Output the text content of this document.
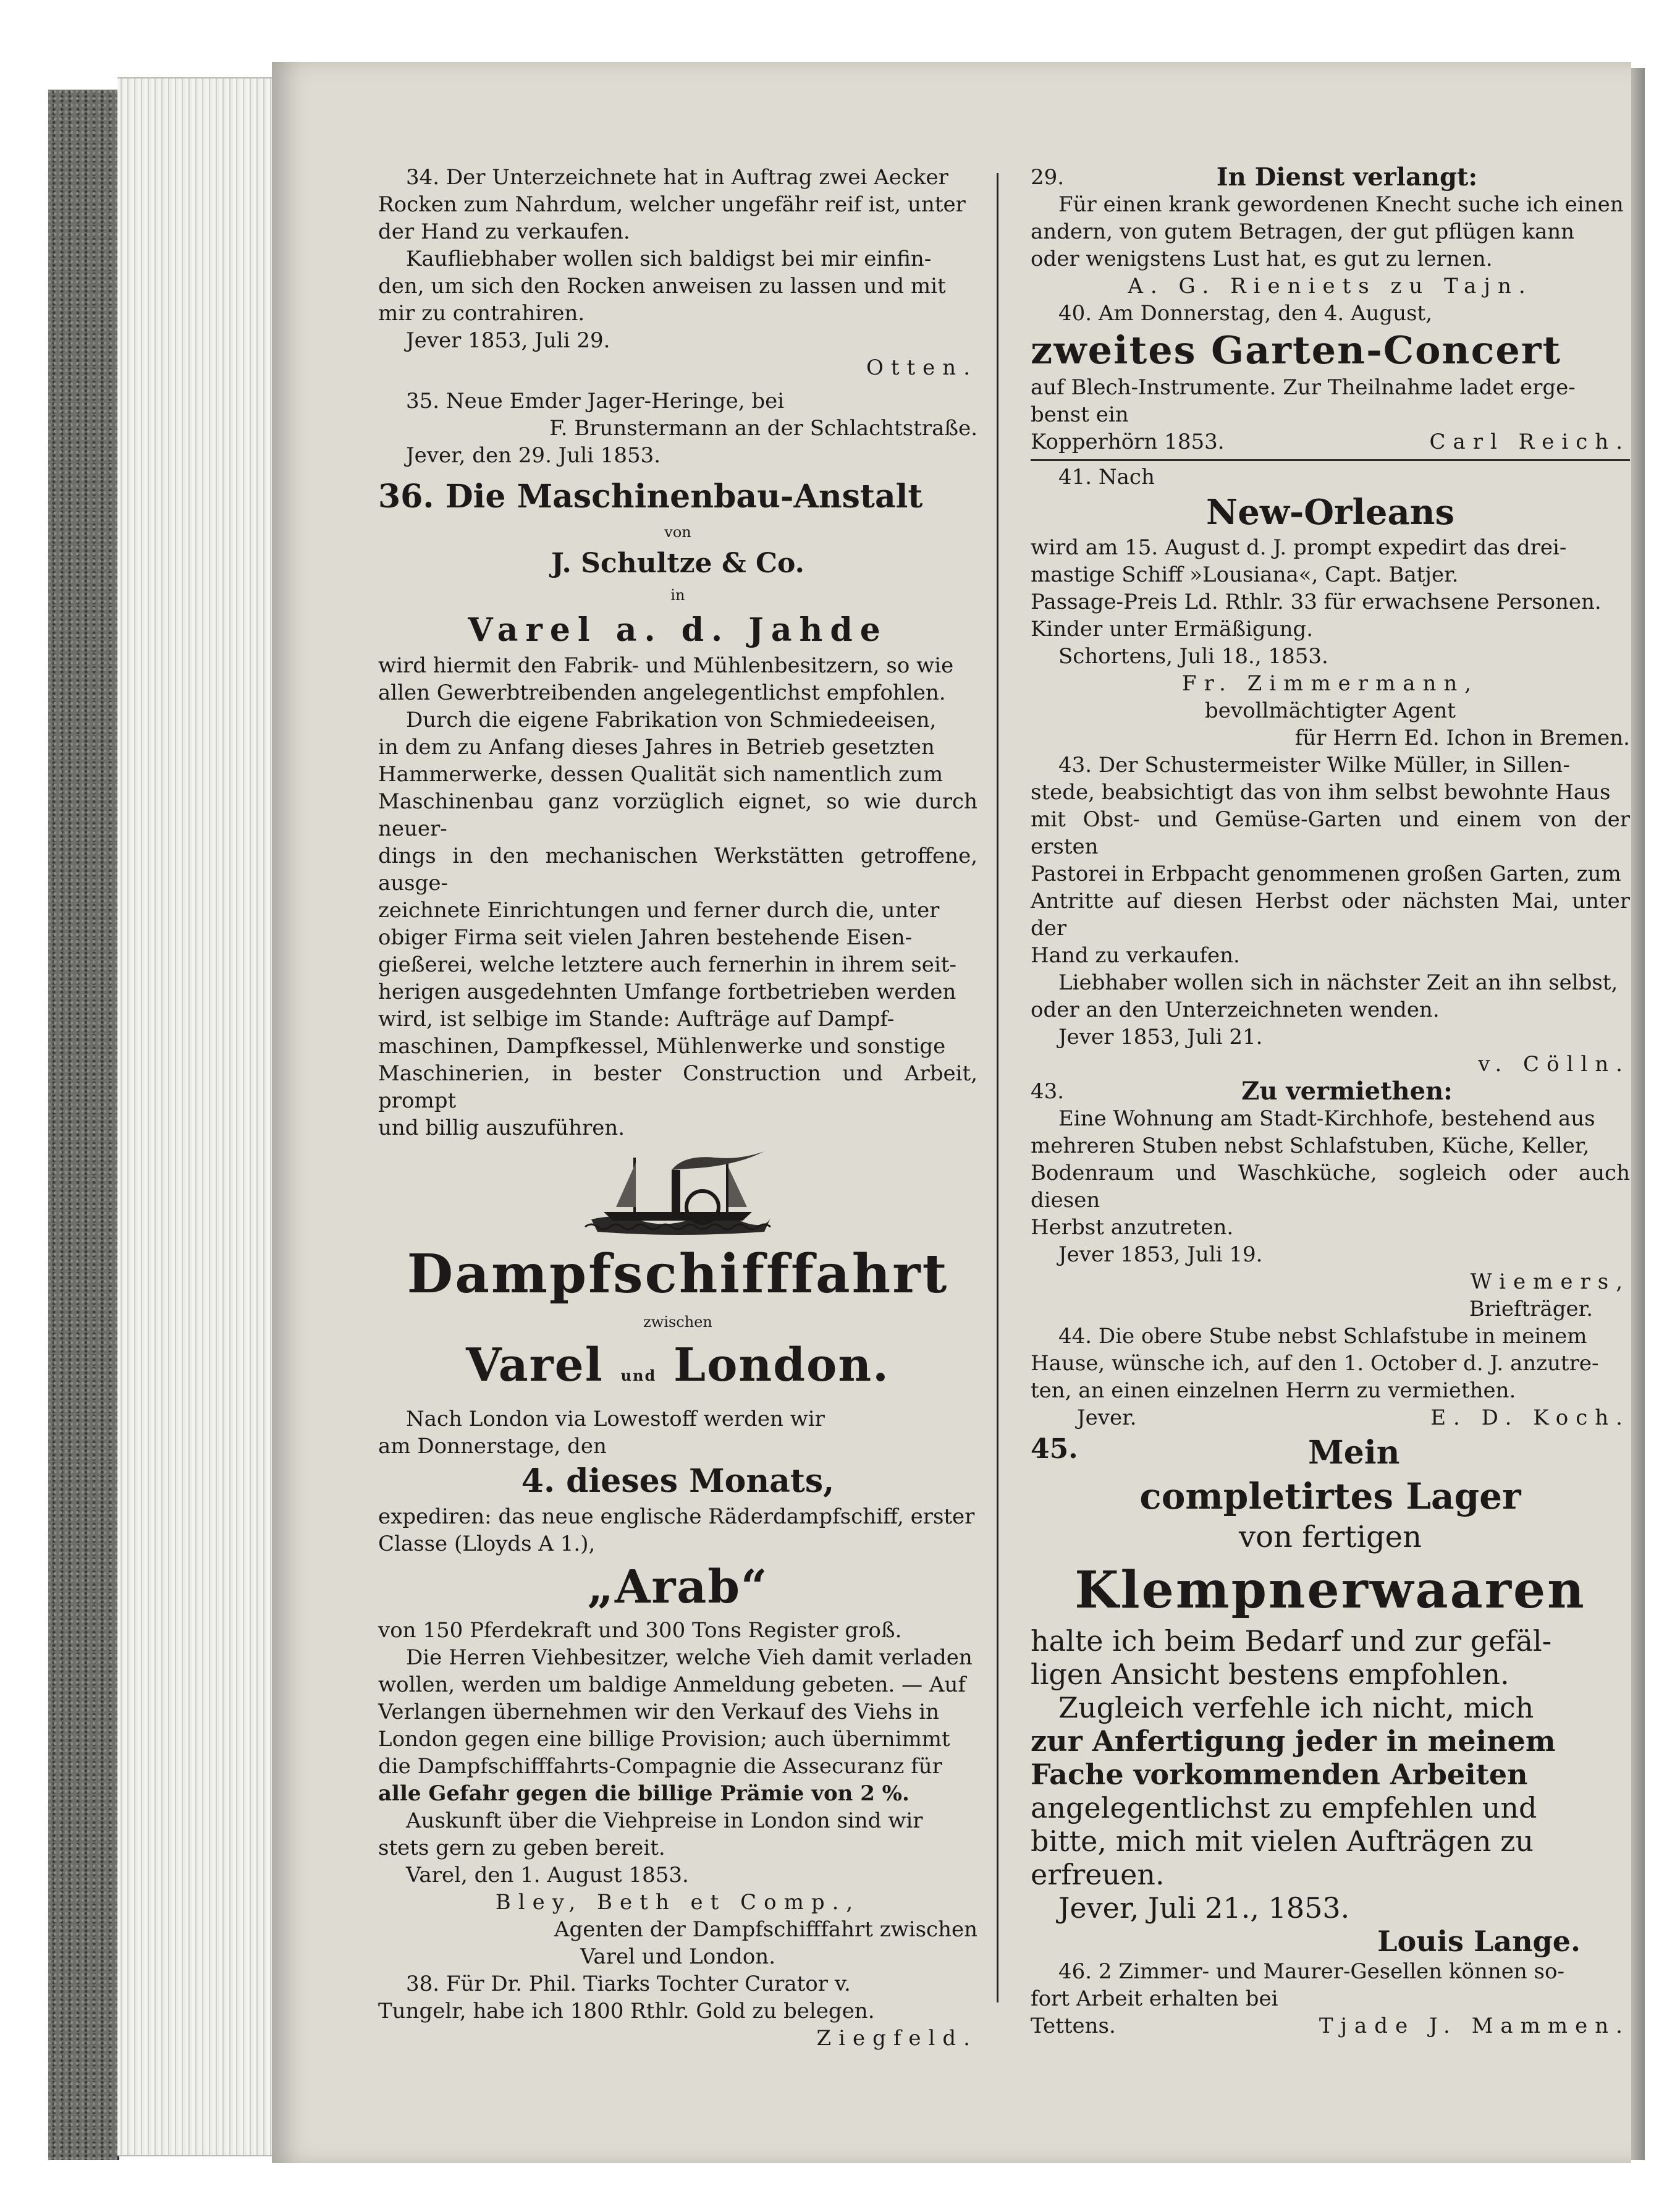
34. Der Unterzeichnete hat in Auftrag zwei Aecker

Rocken zum Nahrdum, welcher ungefähr reif ist, unter

der Hand zu verkaufen.

Kaufliebhaber wollen sich baldigst bei mir einfin-

den, um sich den Rocken anweisen zu lassen und mit

mir zu contrahiren.

Jever 1853, Juli 29.

Otten.

35. Neue Emder Jager-Heringe, bei

F. Brunstermann an der Schlachtstraße.

Jever, den 29. Juli 1853.

36. Die Maschinenbau-Anstalt

von

J. Schultze & Co.

in

Varel a. d. Jahde

wird hiermit den Fabrik- und Mühlenbesitzern, so wie

allen Gewerbtreibenden angelegentlichst empfohlen.

Durch die eigene Fabrikation von Schmiedeeisen,

in dem zu Anfang dieses Jahres in Betrieb gesetzten

Hammerwerke, dessen Qualität sich namentlich zum

Maschinenbau ganz vorzüglich eignet, so wie durch neuer-

dings in den mechanischen Werkstätten getroffene, ausge-

zeichnete Einrichtungen und ferner durch die, unter

obiger Firma seit vielen Jahren bestehende Eisen-

gießerei, welche letztere auch fernerhin in ihrem seit-

herigen ausgedehnten Umfange fortbetrieben werden

wird, ist selbige im Stande: Aufträge auf Dampf-

maschinen, Dampfkessel, Mühlenwerke und sonstige

Maschinerien, in bester Construction und Arbeit, prompt

und billig auszuführen.

Dampfschifffahrt

zwischen

Varel und London.

Nach London via Lowestoff werden wir

am Donnerstage, den

4. dieses Monats,

expediren: das neue englische Räderdampfschiff, erster

Classe (Lloyds A 1.),

„Arab“

von 150 Pferdekraft und 300 Tons Register groß.

Die Herren Viehbesitzer, welche Vieh damit verladen

wollen, werden um baldige Anmeldung gebeten. — Auf

Verlangen übernehmen wir den Verkauf des Viehs in

London gegen eine billige Provision; auch übernimmt

die Dampfschifffahrts-Compagnie die Assecuranz für

alle Gefahr gegen die billige Prämie von 2 %.

Auskunft über die Viehpreise in London sind wir

stets gern zu geben bereit.

Varel, den 1. August 1853.

Bley, Beth et Comp.,

Agenten der Dampfschifffahrt zwischen

Varel und London.

38. Für Dr. Phil. Tiarks Tochter Curator v.

Tungelr, habe ich 1800 Rthlr. Gold zu belegen.

Ziegfeld.

29.	In Dienst verlangt:

Für einen krank gewordenen Knecht suche ich einen

andern, von gutem Betragen, der gut pflügen kann

oder wenigstens Lust hat, es gut zu lernen.

A. G. Rieniets zu Tajn.

40. Am Donnerstag, den 4. August,

zweites Garten-Concert

auf Blech-Instrumente. Zur Theilnahme ladet erge-

benst ein

Kopperhörn 1853.	Carl Reich.

41. Nach

New-Orleans

wird am 15. August d. J. prompt expedirt das drei-

mastige Schiff »Lousiana«, Capt. Batjer.

Passage-Preis Ld. Rthlr. 33 für erwachsene Personen.

Kinder unter Ermäßigung.

Schortens, Juli 18., 1853.

Fr. Zimmermann,

bevollmächtigter Agent

für Herrn Ed. Ichon in Bremen.

43. Der Schustermeister Wilke Müller, in Sillen-

stede, beabsichtigt das von ihm selbst bewohnte Haus

mit Obst- und Gemüse-Garten und einem von der ersten

Pastorei in Erbpacht genommenen großen Garten, zum

Antritte auf diesen Herbst oder nächsten Mai, unter der

Hand zu verkaufen.

Liebhaber wollen sich in nächster Zeit an ihn selbst,

oder an den Unterzeichneten wenden.

Jever 1853, Juli 21.

v. Cölln.

43.	Zu vermiethen:

Eine Wohnung am Stadt-Kirchhofe, bestehend aus

mehreren Stuben nebst Schlafstuben, Küche, Keller,

Bodenraum und Waschküche, sogleich oder auch diesen

Herbst anzutreten.

Jever 1853, Juli 19.

Wiemers,

Briefträger.

44. Die obere Stube nebst Schlafstube in meinem

Hause, wünsche ich, auf den 1. October d. J. anzutre-

ten, an einen einzelnen Herrn zu vermiethen.

Jever.	E. D. Koch.

45.	Mein

completirtes Lager

von fertigen

Klempnerwaaren

halte ich beim Bedarf und zur gefäl-

ligen Ansicht bestens empfohlen.

Zugleich verfehle ich nicht, mich

zur Anfertigung jeder in meinem

Fache vorkommenden Arbeiten

angelegentlichst zu empfehlen und

bitte, mich mit vielen Aufträgen zu

erfreuen.

Jever, Juli 21., 1853.

Louis Lange.

46. 2 Zimmer- und Maurer-Gesellen können so-

fort Arbeit erhalten bei

Tettens.	Tjade J. Mammen.
